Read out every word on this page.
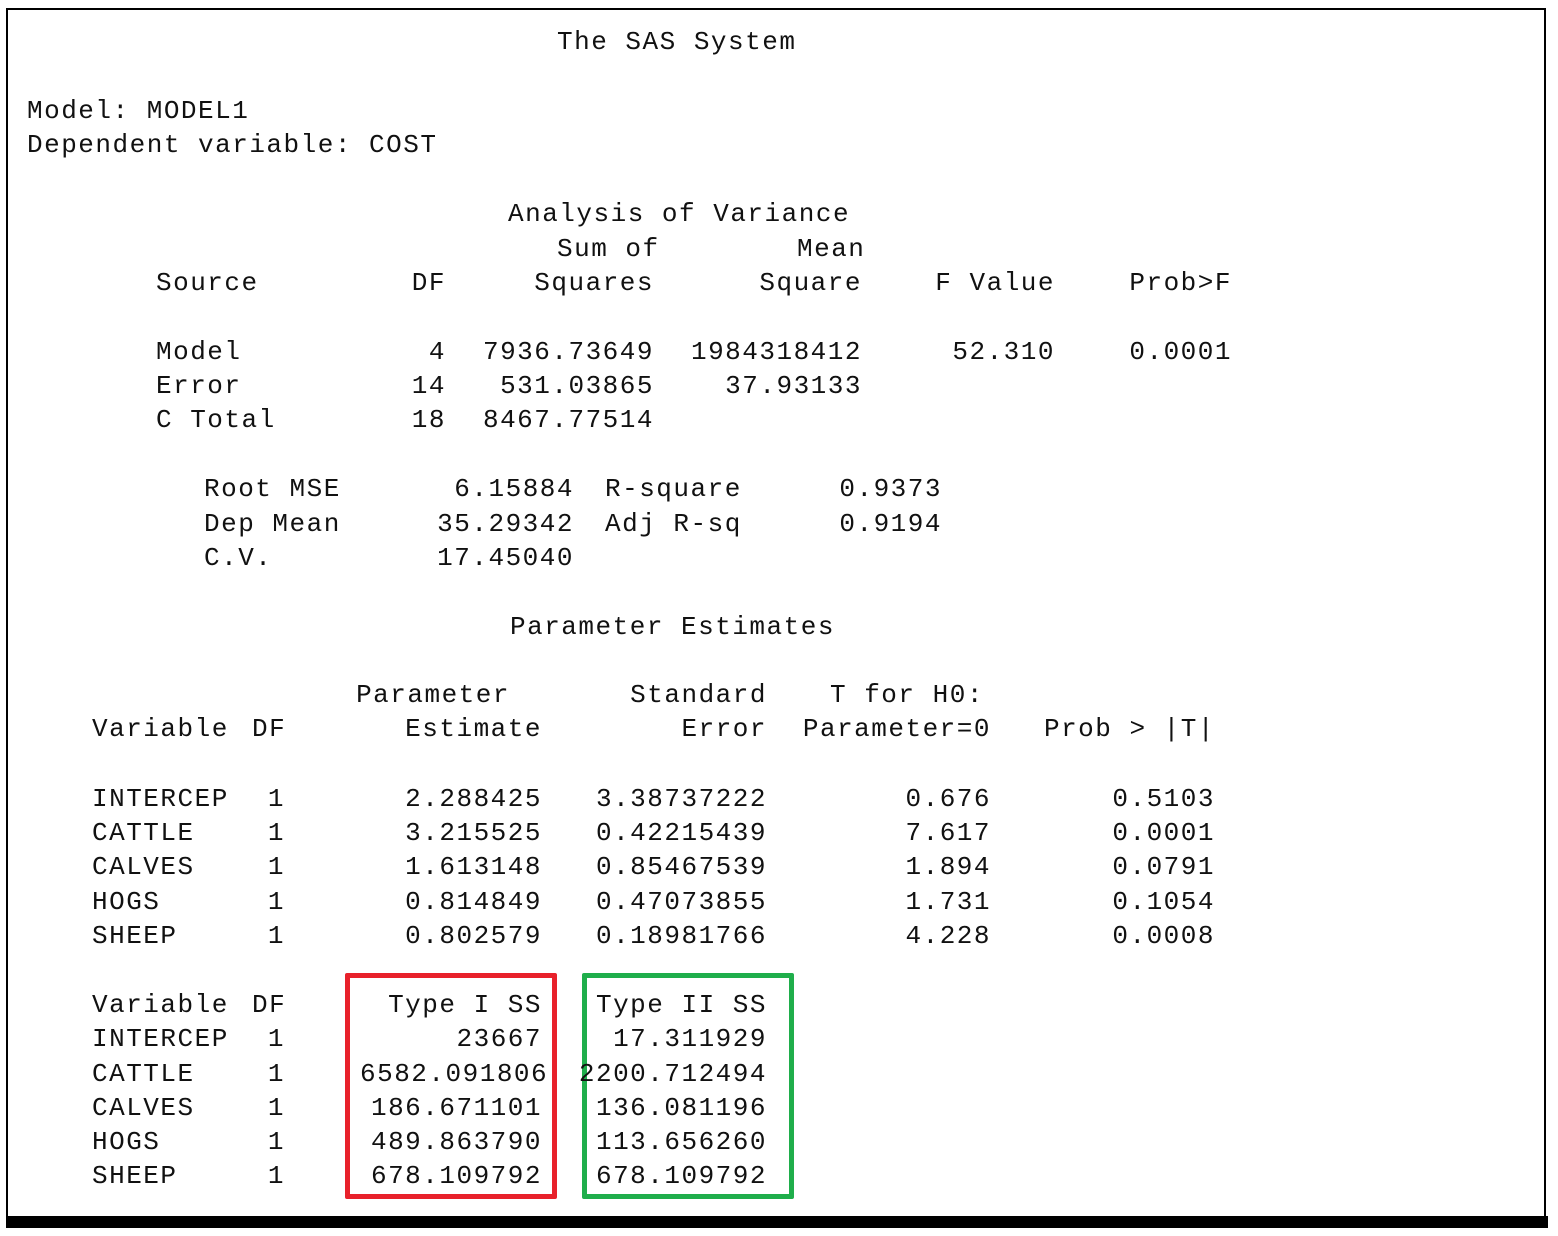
The SAS System
Model: MODEL1
Dependent variable: COST
Analysis of Variance
Sum of	Mean
Source	DF	Squares	Square	F Value	Prob>F
Model	4	7936.73649	1984318412	52.310	0.0001
Error	14	531.03865	37.93133
C Total	18	8467.77514
Root MSE	6.15884 R-square	0.9373
Dep Mean	35.29342 Adj R-sq	0.9194
C.V.	17.45040
Parameter Estimates
Parameter	Standard T for H0:
Variable DF	Estimate	Error Parameter=0	Prob > |T|
INTERCEP	1	2.288425 3.38737222	0.676	0.5103
CATTLE	1	3.215525 0.42215439	7.617	0.0001
CALVES	1	1.613148 0.85467539	1.894	0.0791
HOGS	1	0.814849 0.47073855	1.731	0.1054
SHEEP	1	0.802579 0.18981766	4.228	0.0008
Variable DF	Type I SS Type II SS
INTERCEP	1	23667	17.311929
CATTLE	1	6582.091806	2200.712494
CALVES	1	186.671101 136.081196
HOGS	1	489.863790 113.656260
SHEEP	1	678.109792 678.109792
